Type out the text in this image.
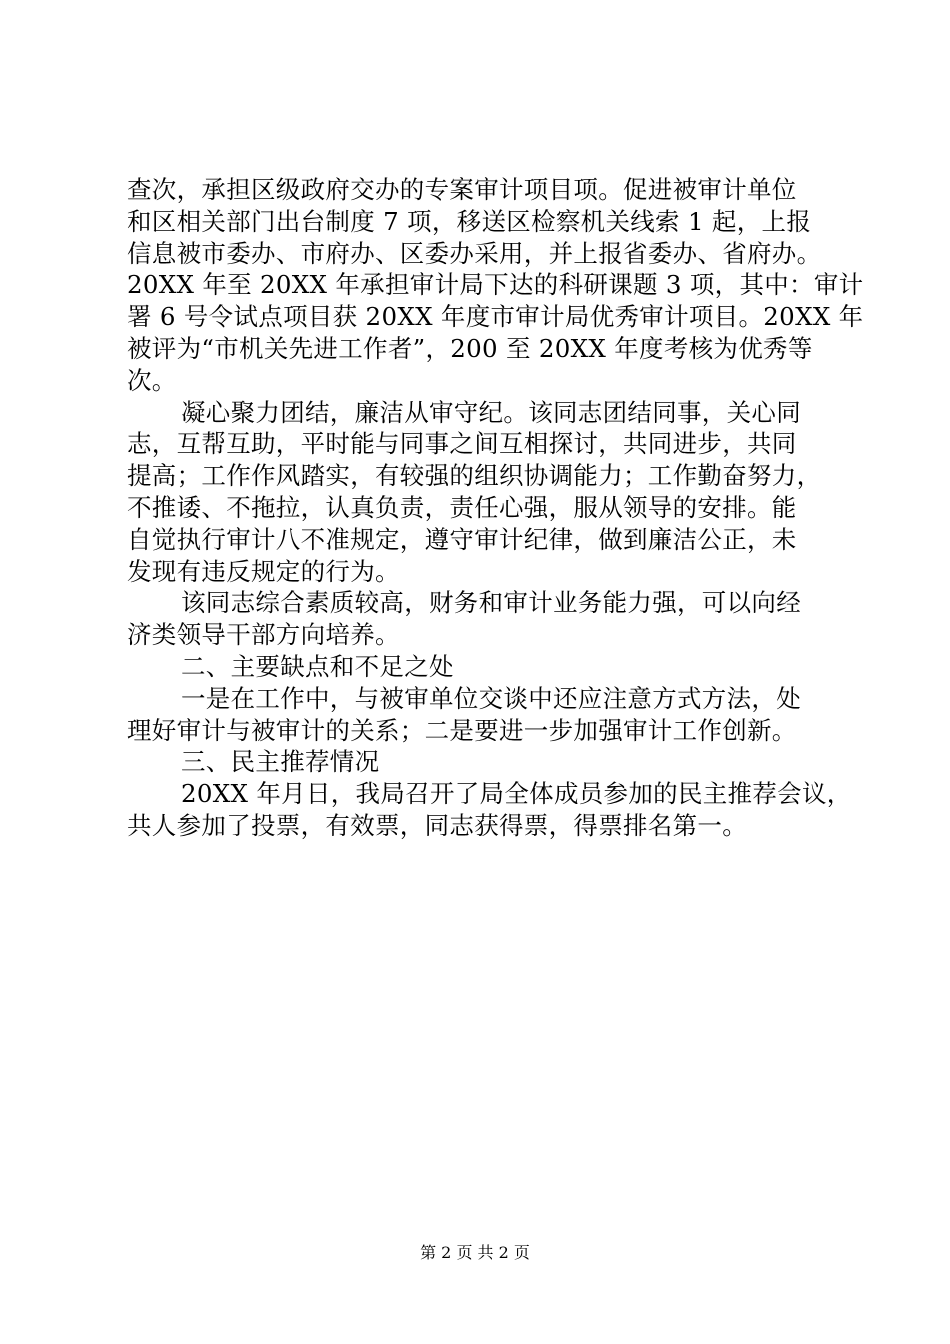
查次，承担区级政府交办的专案审计项目项。促进被审计单位
和区相关部门出台制度 7 项，移送区检察机关线索 1 起，上报
信息被市委办、市府办、区委办采用，并上报省委办、省府办。
20XX 年至 20XX 年承担审计局下达的科研课题 3 项，其中：审计
署 6 号令试点项目获 20XX 年度市审计局优秀审计项目。20XX 年
被评为“市机关先进工作者”，200 至 20XX 年度考核为优秀等
次。
凝心聚力团结，廉洁从审守纪。该同志团结同事，关心同
志，互帮互助，平时能与同事之间互相探讨，共同进步，共同
提高；工作作风踏实，有较强的组织协调能力；工作勤奋努力，
不推诿、不拖拉，认真负责，责任心强，服从领导的安排。能
自觉执行审计八不准规定，遵守审计纪律，做到廉洁公正，未
发现有违反规定的行为。
该同志综合素质较高，财务和审计业务能力强，可以向经
济类领导干部方向培养。
二、主要缺点和不足之处
一是在工作中，与被审单位交谈中还应注意方式方法，处
理好审计与被审计的关系；二是要进一步加强审计工作创新。
三、民主推荐情况
20XX 年月日，我局召开了局全体成员参加的民主推荐会议，
共人参加了投票，有效票，同志获得票，得票排名第一。
第 2 页 共 2 页
